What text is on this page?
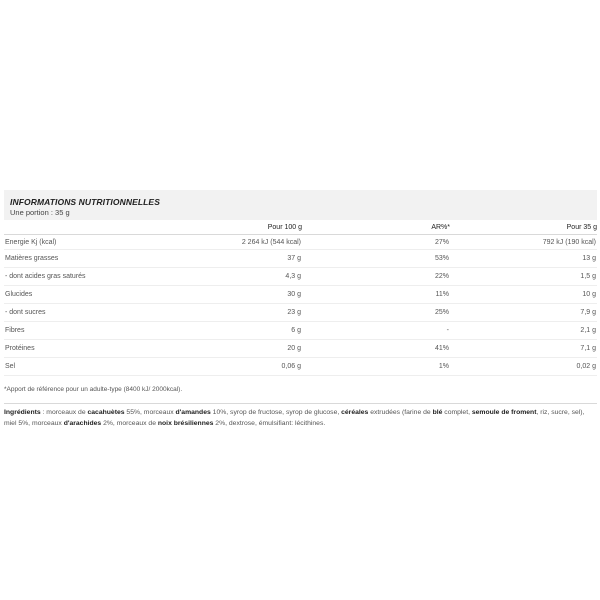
INFORMATIONS NUTRITIONNELLES
Une portion : 35 g
	Pour 100 g	AR%*	Pour 35 g
Energie Kj (kcal)	2 264 kJ (544 kcal)	27%	792 kJ (190 kcal)
Matières grasses	37 g	53%	13 g
- dont acides gras saturés	4,3 g	22%	1,5 g
Glucides	30 g	11%	10 g
- dont sucres	23 g	25%	7,9 g
Fibres	6 g	-	2,1 g
Protéines	20 g	41%	7,1 g
Sel	0,06 g	1%	0,02 g
*Apport de référence pour un adulte-type (8400 kJ/ 2000kcal).
Ingrédients : morceaux de cacahuètes 55%, morceaux d'amandes 10%, syrop de fructose, syrop de glucose, céréales extrudées (farine de blé complet, semoule de froment, riz, sucre, sel), miel 5%, morceaux d'arachides 2%, morceaux de noix brésiliennes 2%, dextrose, émulsifiant: lécithines.
